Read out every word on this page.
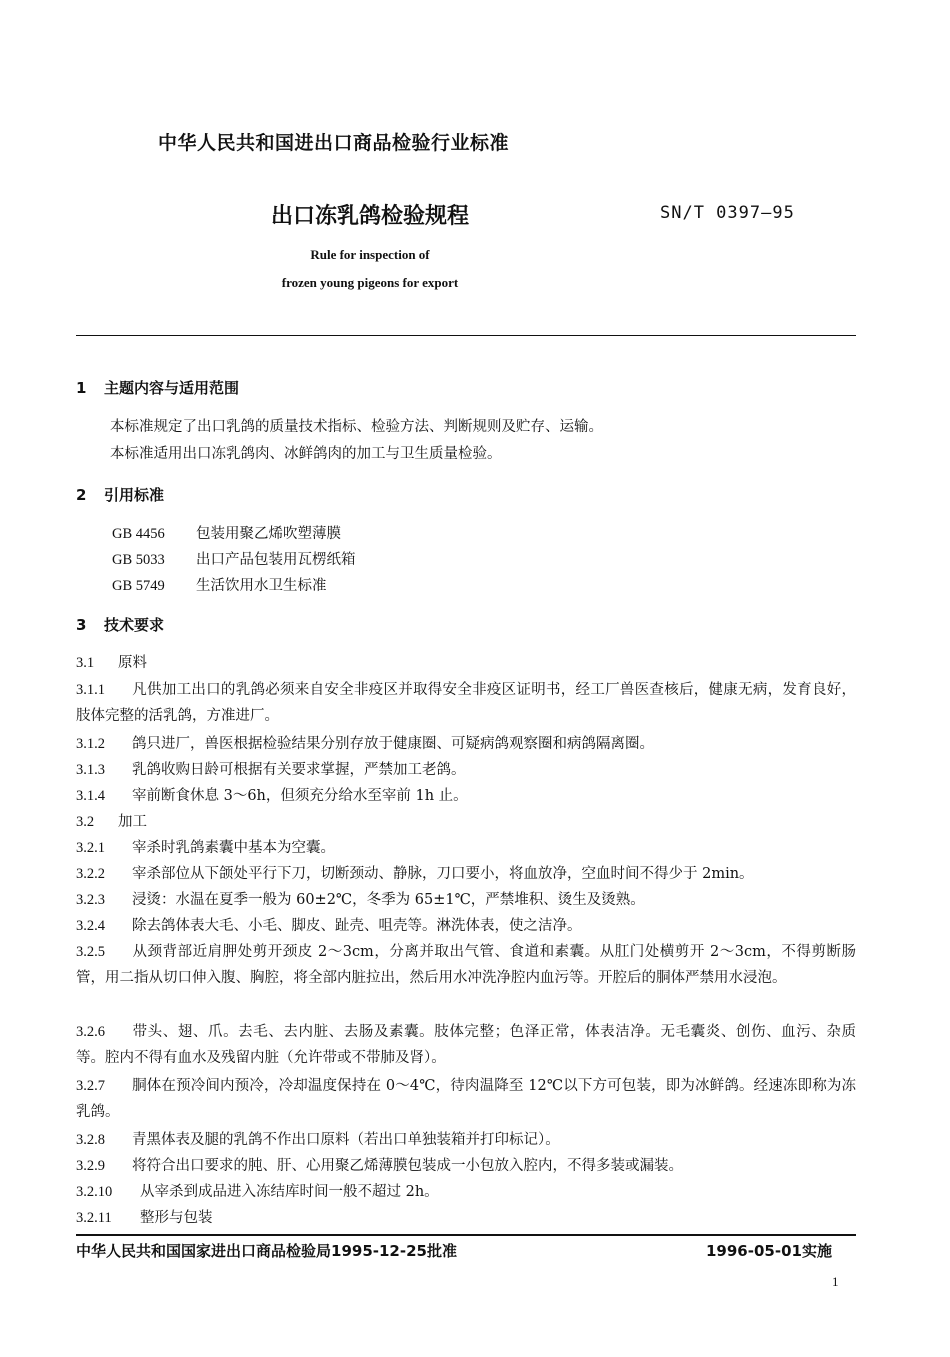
中华人民共和国进出口商品检验行业标准
出口冻乳鸽检验规程	SN/T 0397—95
Rule for inspection of
frozen young pigeons for export
1 主题内容与适用范围
本标准规定了出口乳鸽的质量技术指标、检验方法、判断规则及贮存、运输。
本标准适用出口冻乳鸽肉、冰鲜鸽肉的加工与卫生质量检验。
2 引用标准
GB 4456 包装用聚乙烯吹塑薄膜
GB 5033 出口产品包装用瓦楞纸箱
GB 5749 生活饮用水卫生标准
3 技术要求
3.1 原料
3.1.1 凡供加工出口的乳鸽必须来自安全非疫区并取得安全非疫区证明书，经工厂兽医查核后，健康无病，发育良好，肢体完整的活乳鸽，方准进厂。
3.1.2 鸽只进厂，兽医根据检验结果分别存放于健康圈、可疑病鸽观察圈和病鸽隔离圈。
3.1.3 乳鸽收购日龄可根据有关要求掌握，严禁加工老鸽。
3.1.4 宰前断食休息 3～6h，但须充分给水至宰前 1h 止。
3.2 加工
3.2.1 宰杀时乳鸽素囊中基本为空囊。
3.2.2 宰杀部位从下颌处平行下刀，切断颈动、静脉，刀口要小，将血放净，空血时间不得少于 2min。
3.2.3 浸烫：水温在夏季一般为 60±2℃，冬季为 65±1℃，严禁堆积、烫生及烫熟。
3.2.4 除去鸽体表大毛、小毛、脚皮、趾壳、咀壳等。淋洗体表，使之洁净。
3.2.5 从颈背部近肩胛处剪开颈皮 2～3cm，分离并取出气管、食道和素囊。从肛门处横剪开 2～3cm，不得剪断肠管，用二指从切口伸入腹、胸腔，将全部内脏拉出，然后用水冲洗净腔内血污等。开腔后的胴体严禁用水浸泡。
3.2.6 带头、翅、爪。去毛、去内脏、去肠及素囊。肢体完整；色泽正常，体表洁净。无毛囊炎、创伤、血污、杂质等。腔内不得有血水及残留内脏（允许带或不带肺及肾）。
3.2.7 胴体在预冷间内预冷，冷却温度保持在 0～4℃，待肉温降至 12℃以下方可包装，即为冰鲜鸽。经速冻即称为冻乳鸽。
3.2.8 青黑体表及腿的乳鸽不作出口原料（若出口单独装箱并打印标记）。
3.2.9 将符合出口要求的肫、肝、心用聚乙烯薄膜包装成一小包放入腔内，不得多装或漏装。
3.2.10 从宰杀到成品进入冻结库时间一般不超过 2h。
3.2.11 整形与包装
中华人民共和国国家进出口商品检验局1995-12-25批准	1996-05-01实施
1
